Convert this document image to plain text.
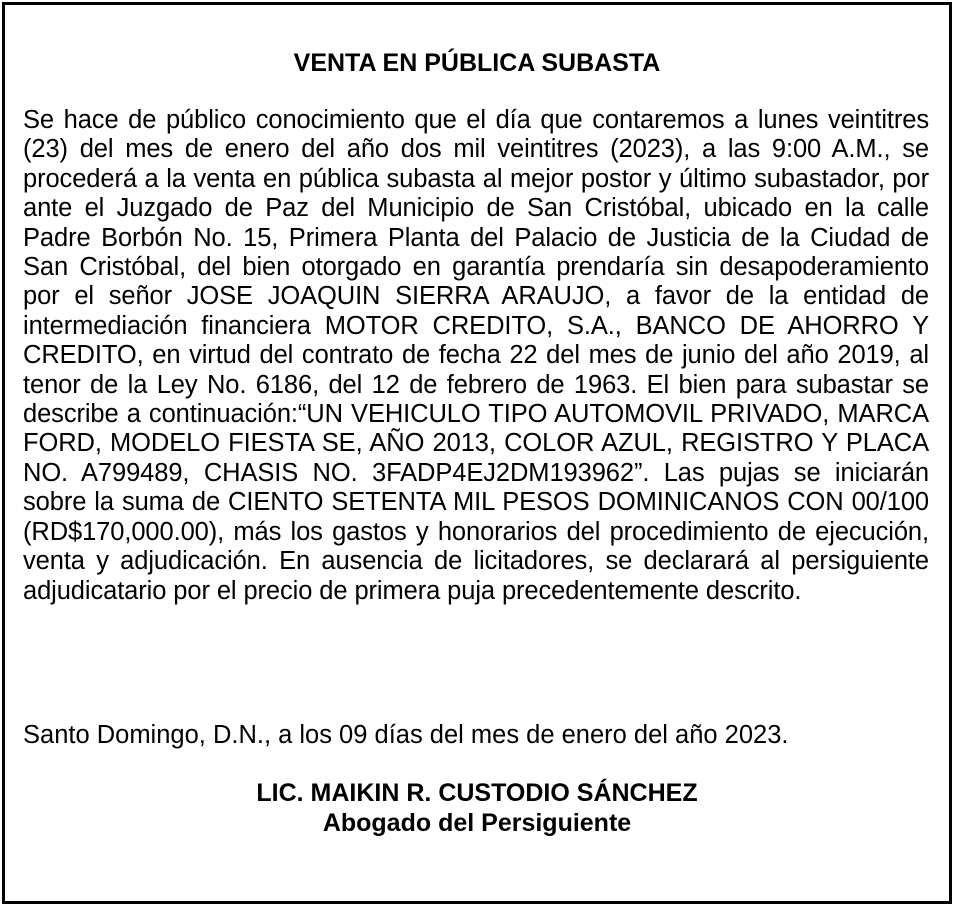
VENTA EN PÚBLICA SUBASTA

Se hace de público conocimiento que el día que contaremos a lunes veintitres (23) del mes de enero del año dos mil veintitres (2023), a las 9:00 A.M., se procederá a la venta en pública subasta al mejor postor y último subastador, por ante el Juzgado de Paz del Municipio de San Cristóbal, ubicado en la calle Padre Borbón No. 15, Primera Planta del Palacio de Justicia de la Ciudad de San Cristóbal, del bien otorgado en garantía prendaría sin desapoderamiento por el señor JOSE JOAQUIN SIERRA ARAUJO, a favor de la entidad de intermediación financiera MOTOR CREDITO, S.A., BANCO DE AHORRO Y CREDITO, en virtud del contrato de fecha 22 del mes de junio del año 2019, al tenor de la Ley No. 6186, del 12 de febrero de 1963. El bien para subastar se describe a continuación:“UN VEHICULO TIPO AUTOMOVIL PRIVADO, MARCA FORD, MODELO FIESTA SE, AÑO 2013, COLOR AZUL, REGISTRO Y PLACA NO. A799489, CHASIS NO. 3FADP4EJ2DM193962”. Las pujas se iniciarán sobre la suma de CIENTO SETENTA MIL PESOS DOMINICANOS CON 00/100 (RD$170,000.00), más los gastos y honorarios del procedimiento de ejecución, venta y adjudicación. En ausencia de licitadores, se declarará al persiguiente adjudicatario por el precio de primera puja precedentemente descrito.

Santo Domingo, D.N., a los 09 días del mes de enero del año 2023.

LIC. MAIKIN R. CUSTODIO SÁNCHEZ

Abogado del Persiguiente
